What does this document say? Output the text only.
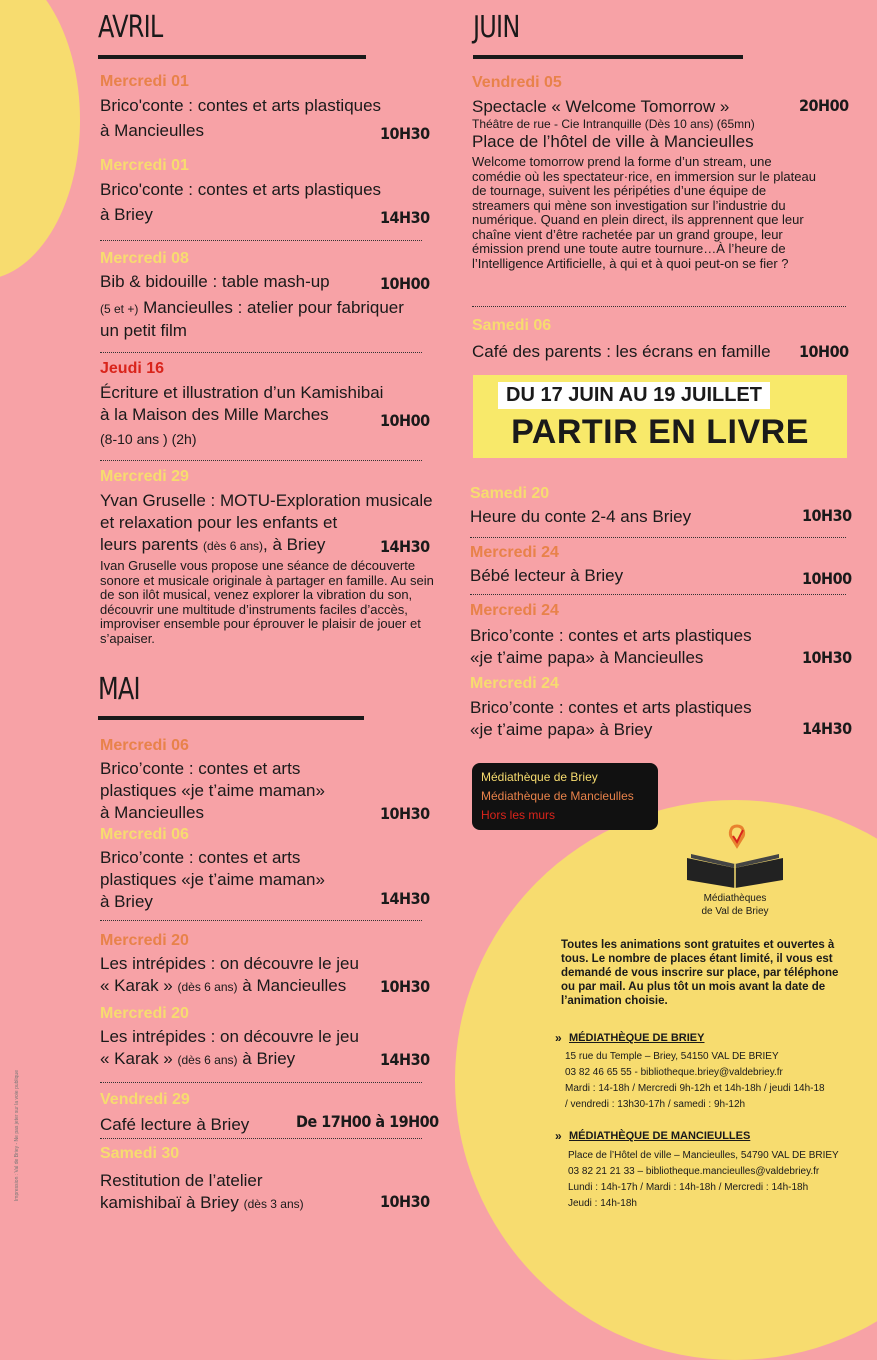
AVRIL

Mercredi 01

Brico'conte : contes et arts plastiques

à Mancieulles	10H30

Mercredi 01

Brico'conte : contes et arts plastiques

à Briey	14H30

Mercredi 08

Bib & bidouille : table mash-up

(5 et +) Mancieulles : atelier pour fabriquer

un petit film

10H00

Jeudi 16

Écriture et illustration d’un Kamishibai

à la Maison des Mille Marches

(8-10 ans ) (2h)

10H00

Mercredi 29

Yvan Gruselle : MOTU-Exploration musicale

et relaxation pour les enfants et

leurs parents (dès 6 ans), à Briey

Ivan Gruselle vous propose une séance de découverte sonore et musicale originale à partager en famille. Au sein de son ilôt musical, venez explorer la vibration du son, découvrir une multitude d’instruments faciles d’accès, improviser ensemble pour éprouver le plaisir de jouer et s’apaiser.

14H30
MAI

Mercredi 06

Brico’conte : contes et arts

plastiques «je t’aime maman»

à Mancieulles	10H30

Mercredi 06

Brico’conte : contes et arts

plastiques «je t’aime maman»

à Briey	14H30

Mercredi 20

Les intrépides : on découvre le jeu

« Karak » (dès 6 ans) à Mancieulles	10H30

Mercredi 20

Les intrépides : on découvre le jeu

« Karak » (dès 6 ans) à Briey	14H30

Vendredi 29

Café lecture à Briey	De 17H00 à 19H00

Samedi 30

Restitution de l’atelier

kamishibaï à Briey (dès 3 ans)	10H30
JUIN

Vendredi 05

Spectacle « Welcome Tomorrow »

Théâtre de rue - Cie Intranquille (Dès 10 ans) (65mn)

Place de l’hôtel de ville à Mancieulles

Welcome tomorrow prend la forme d’un stream, une comédie où les spectateur·rice, en immersion sur le plateau de tournage, suivent les péripéties d’une équipe de streamers qui mène son investigation sur l’industrie du numérique. Quand en plein direct, ils apprennent que leur chaîne vient d’être rachetée par un grand groupe, leur émission prend une toute autre tournure…À l’heure de l’Intelligence Artificielle, à qui et à quoi peut-on se fier ?

20H00

Samedi 06

Café des parents : les écrans en famille	10H00
DU 17 JUIN AU 19 JUILLET
PARTIR EN LIVRE

Samedi 20

Heure du conte 2-4 ans Briey	10H30

Mercredi 24

Bébé lecteur à Briey	10H00

Mercredi 24

Brico’conte : contes et arts plastiques

«je t’aime papa» à Mancieulles	10H30

Mercredi 24

Brico’conte : contes et arts plastiques

«je t’aime papa» à Briey	14H30
Médiathèque de Briey
Médiathèque de Mancieulles
Hors les murs
Médiathèques
de Val de Briey
Toutes les animations sont gratuites et ouvertes à tous. Le nombre de places étant limité, il vous est demandé de vous inscrire sur place, par téléphone ou par mail. Au plus tôt un mois avant la date de l’animation choisie.
» MÉDIATHÈQUE DE BRIEY
15 rue du Temple – Briey, 54150 VAL DE BRIEY
03 82 46 65 55 - bibliotheque.briey@valdebriey.fr
Mardi : 14-18h / Mercredi 9h-12h et 14h-18h / jeudi 14h-18
/ vendredi : 13h30-17h / samedi : 9h-12h
» MÉDIATHÈQUE DE MANCIEULLES
Place de l’Hôtel de ville – Mancieulles, 54790 VAL DE BRIEY
03 82 21 21 33 – bibliotheque.mancieulles@valdebriey.fr
Lundi : 14h-17h / Mardi : 14h-18h / Mercredi : 14h-18h
Jeudi : 14h-18h
Impression : Val de Briey - Ne pas jeter sur la voie publique
